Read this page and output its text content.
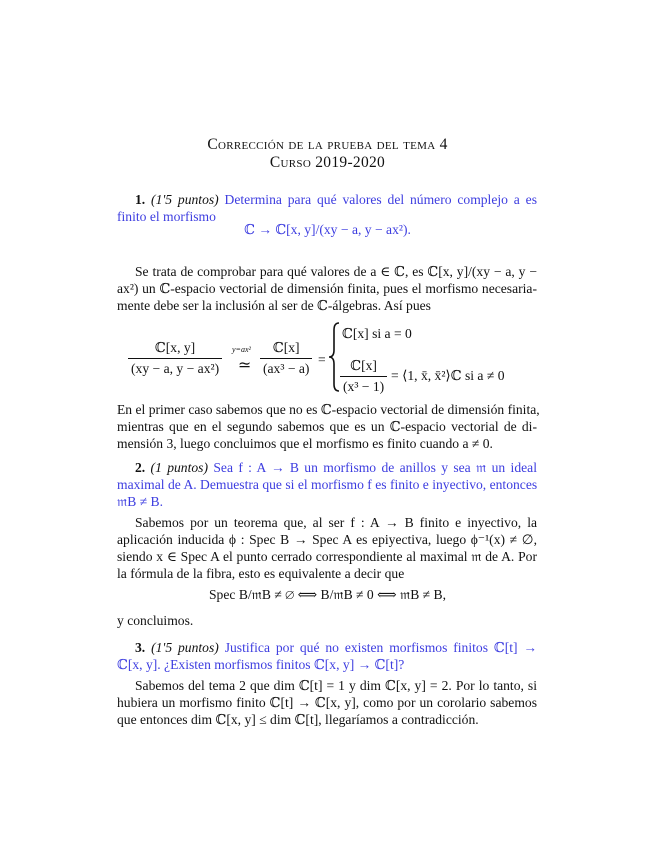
Corrección de la prueba del tema 4
Curso 2019-2020
1. (1'5 puntos) Determina para qué valores del número complejo a es
finito el morfismo
ℂ → ℂ[x, y]/(xy − a, y − ax²).
Se trata de comprobar para qué valores de a ∈ ℂ, es ℂ[x, y]/(xy − a, y −
ax²) un ℂ-espacio vectorial de dimensión finita, pues el morfismo necesaria-
mente debe ser la inclusión al ser de ℂ-álgebras. Así pues
$\frac{\text{ℂ[x, y]}}{\text{(xy − a, y − ax²)}} y=ax^2$
≃ $\frac{\text{ℂ[x]}}{\text{(ax³ − a)}}$ =
ℂ[x] si a = 0
$\frac{\text{ℂ[x]}}{\text{(x³ − 1)}}$ = ⟨1, x̄, x̄²⟩ℂ si a ≠ 0
En el primer caso sabemos que no es ℂ-espacio vectorial de dimensión finita,
mientras que en el segundo sabemos que es un ℂ-espacio vectorial de di-
mensión 3, luego concluimos que el morfismo es finito cuando a ≠ 0.
2. (1 puntos) Sea f : A → B un morfismo de anillos y sea 𝔪 un ideal
maximal de A. Demuestra que si el morfismo f es finito e inyectivo, entonces
𝔪B ≠ B.
Sabemos por un teorema que, al ser f : A → B finito e inyectivo, la
aplicación inducida ϕ : Spec B → Spec A es epiyectiva, luego ϕ⁻¹(x) ≠ ∅,
siendo x ∈ Spec A el punto cerrado correspondiente al maximal 𝔪 de A. Por
la fórmula de la fibra, esto es equivalente a decir que
Spec B/𝔪B ≠ ∅ ⟺ B/𝔪B ≠ 0 ⟺ 𝔪B ≠ B,
y concluimos.
3. (1'5 puntos) Justifica por qué no existen morfismos finitos ℂ[t] →
ℂ[x, y]. ¿Existen morfismos finitos ℂ[x, y] → ℂ[t]?
Sabemos del tema 2 que dim ℂ[t] = 1 y dim ℂ[x, y] = 2. Por lo tanto, si
hubiera un morfismo finito ℂ[t] → ℂ[x, y], como por un corolario sabemos
que entonces dim ℂ[x, y] ≤ dim ℂ[t], llegaríamos a contradicción.
